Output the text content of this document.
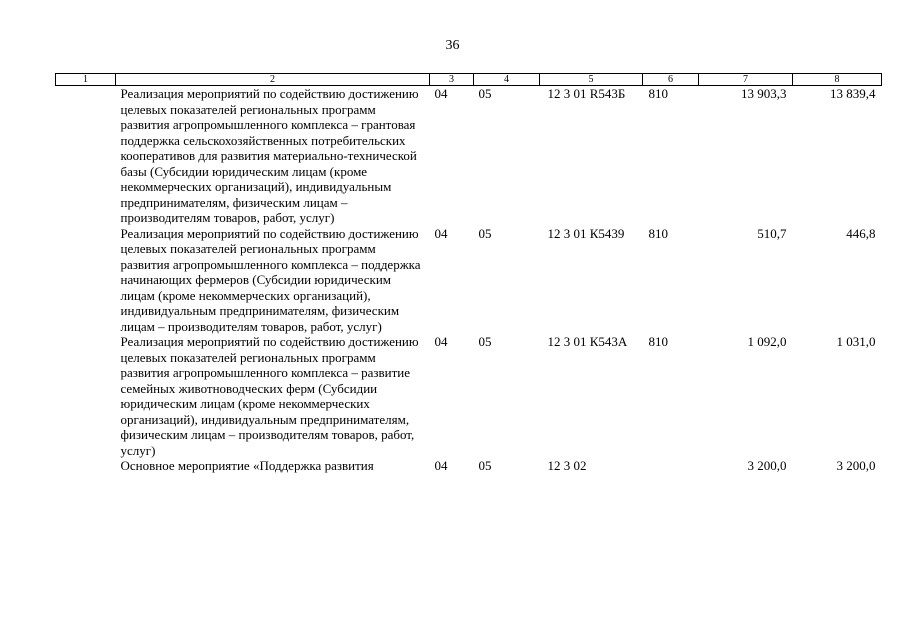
36
1	2	3	4	5	6	7	8
	Реализация мероприятий по содействию достижению целевых показателей региональных программ развития агропромышленного комплекса – грантовая поддержка сельскохозяйственных потребительских кооперативов для развития материально-технической базы (Субсидии юридическим лицам (кроме некоммерческих организаций), индивидуальным предпринимателям, физическим лицам – производителям товаров, работ, услуг)	04	05	12 3 01 R543Б	810	13 903,3	13 839,4
	Реализация мероприятий по содействию достижению целевых показателей региональных программ развития агропромышленного комплекса – поддержка начинающих фермеров (Субсидии юридическим лицам (кроме некоммерческих организаций), индивидуальным предпринимателям, физическим лицам – производителям товаров, работ, услуг)	04	05	12 3 01 К5439	810	510,7	446,8
	Реализация мероприятий по содействию достижению целевых показателей региональных программ развития агропромышленного комплекса – развитие семейных животноводческих ферм (Субсидии юридическим лицам (кроме некоммерческих организаций), индивидуальным предпринимателям, физическим лицам – производителям товаров, работ, услуг)	04	05	12 3 01 К543А	810	1 092,0	1 031,0
	Основное мероприятие «Поддержка развития	04	05	12 3 02		3 200,0	3 200,0
